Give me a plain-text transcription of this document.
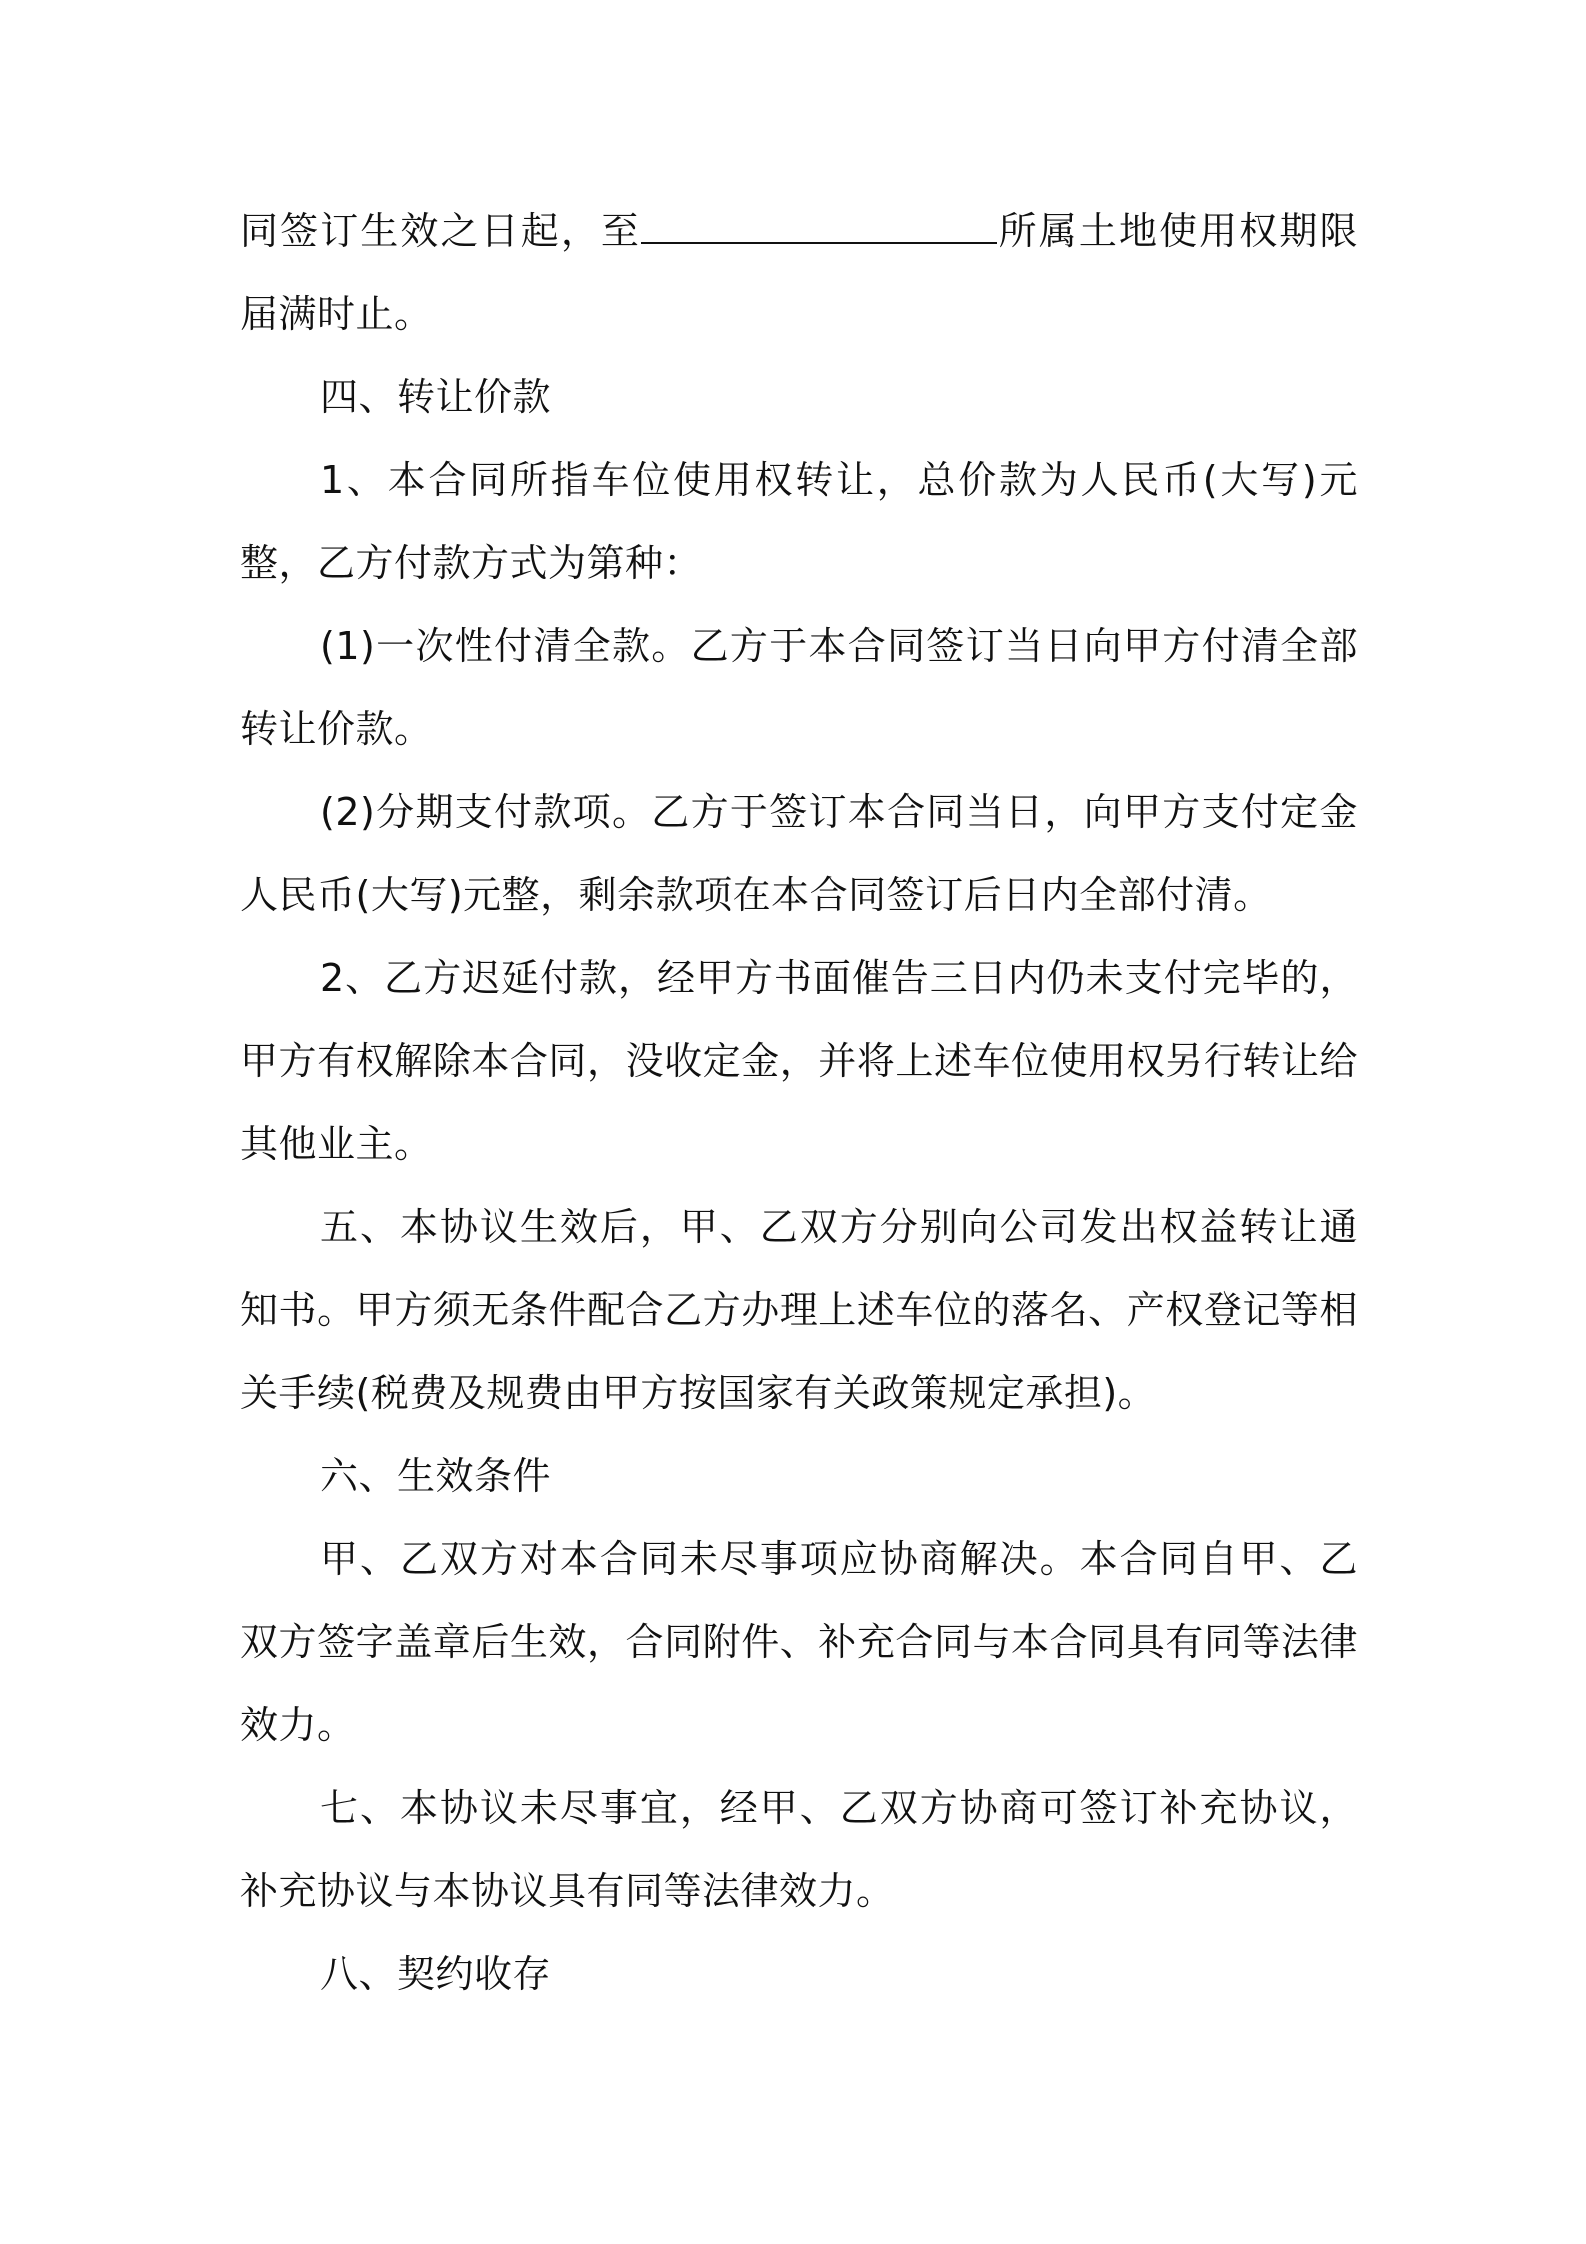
同签订生效之日起，至	所属土地使用权期限届满时止。

四、转让价款

1、本合同所指车位使用权转让，总价款为人民币(大写)元整，乙方付款方式为第种：

(1)一次性付清全款。乙方于本合同签订当日向甲方付清全部转让价款。

(2)分期支付款项。乙方于签订本合同当日，向甲方支付定金人民币(大写)元整，剩余款项在本合同签订后日内全部付清。

2、乙方迟延付款，经甲方书面催告三日内仍未支付完毕的，甲方有权解除本合同，没收定金，并将上述车位使用权另行转让给其他业主。

五、本协议生效后，甲、乙双方分别向公司发出权益转让通知书。甲方须无条件配合乙方办理上述车位的落名、产权登记等相关手续(税费及规费由甲方按国家有关政策规定承担)。

六、生效条件

甲、乙双方对本合同未尽事项应协商解决。本合同自甲、乙双方签字盖章后生效，合同附件、补充合同与本合同具有同等法律效力。

七、本协议未尽事宜，经甲、乙双方协商可签订补充协议，补充协议与本协议具有同等法律效力。

八、契约收存
